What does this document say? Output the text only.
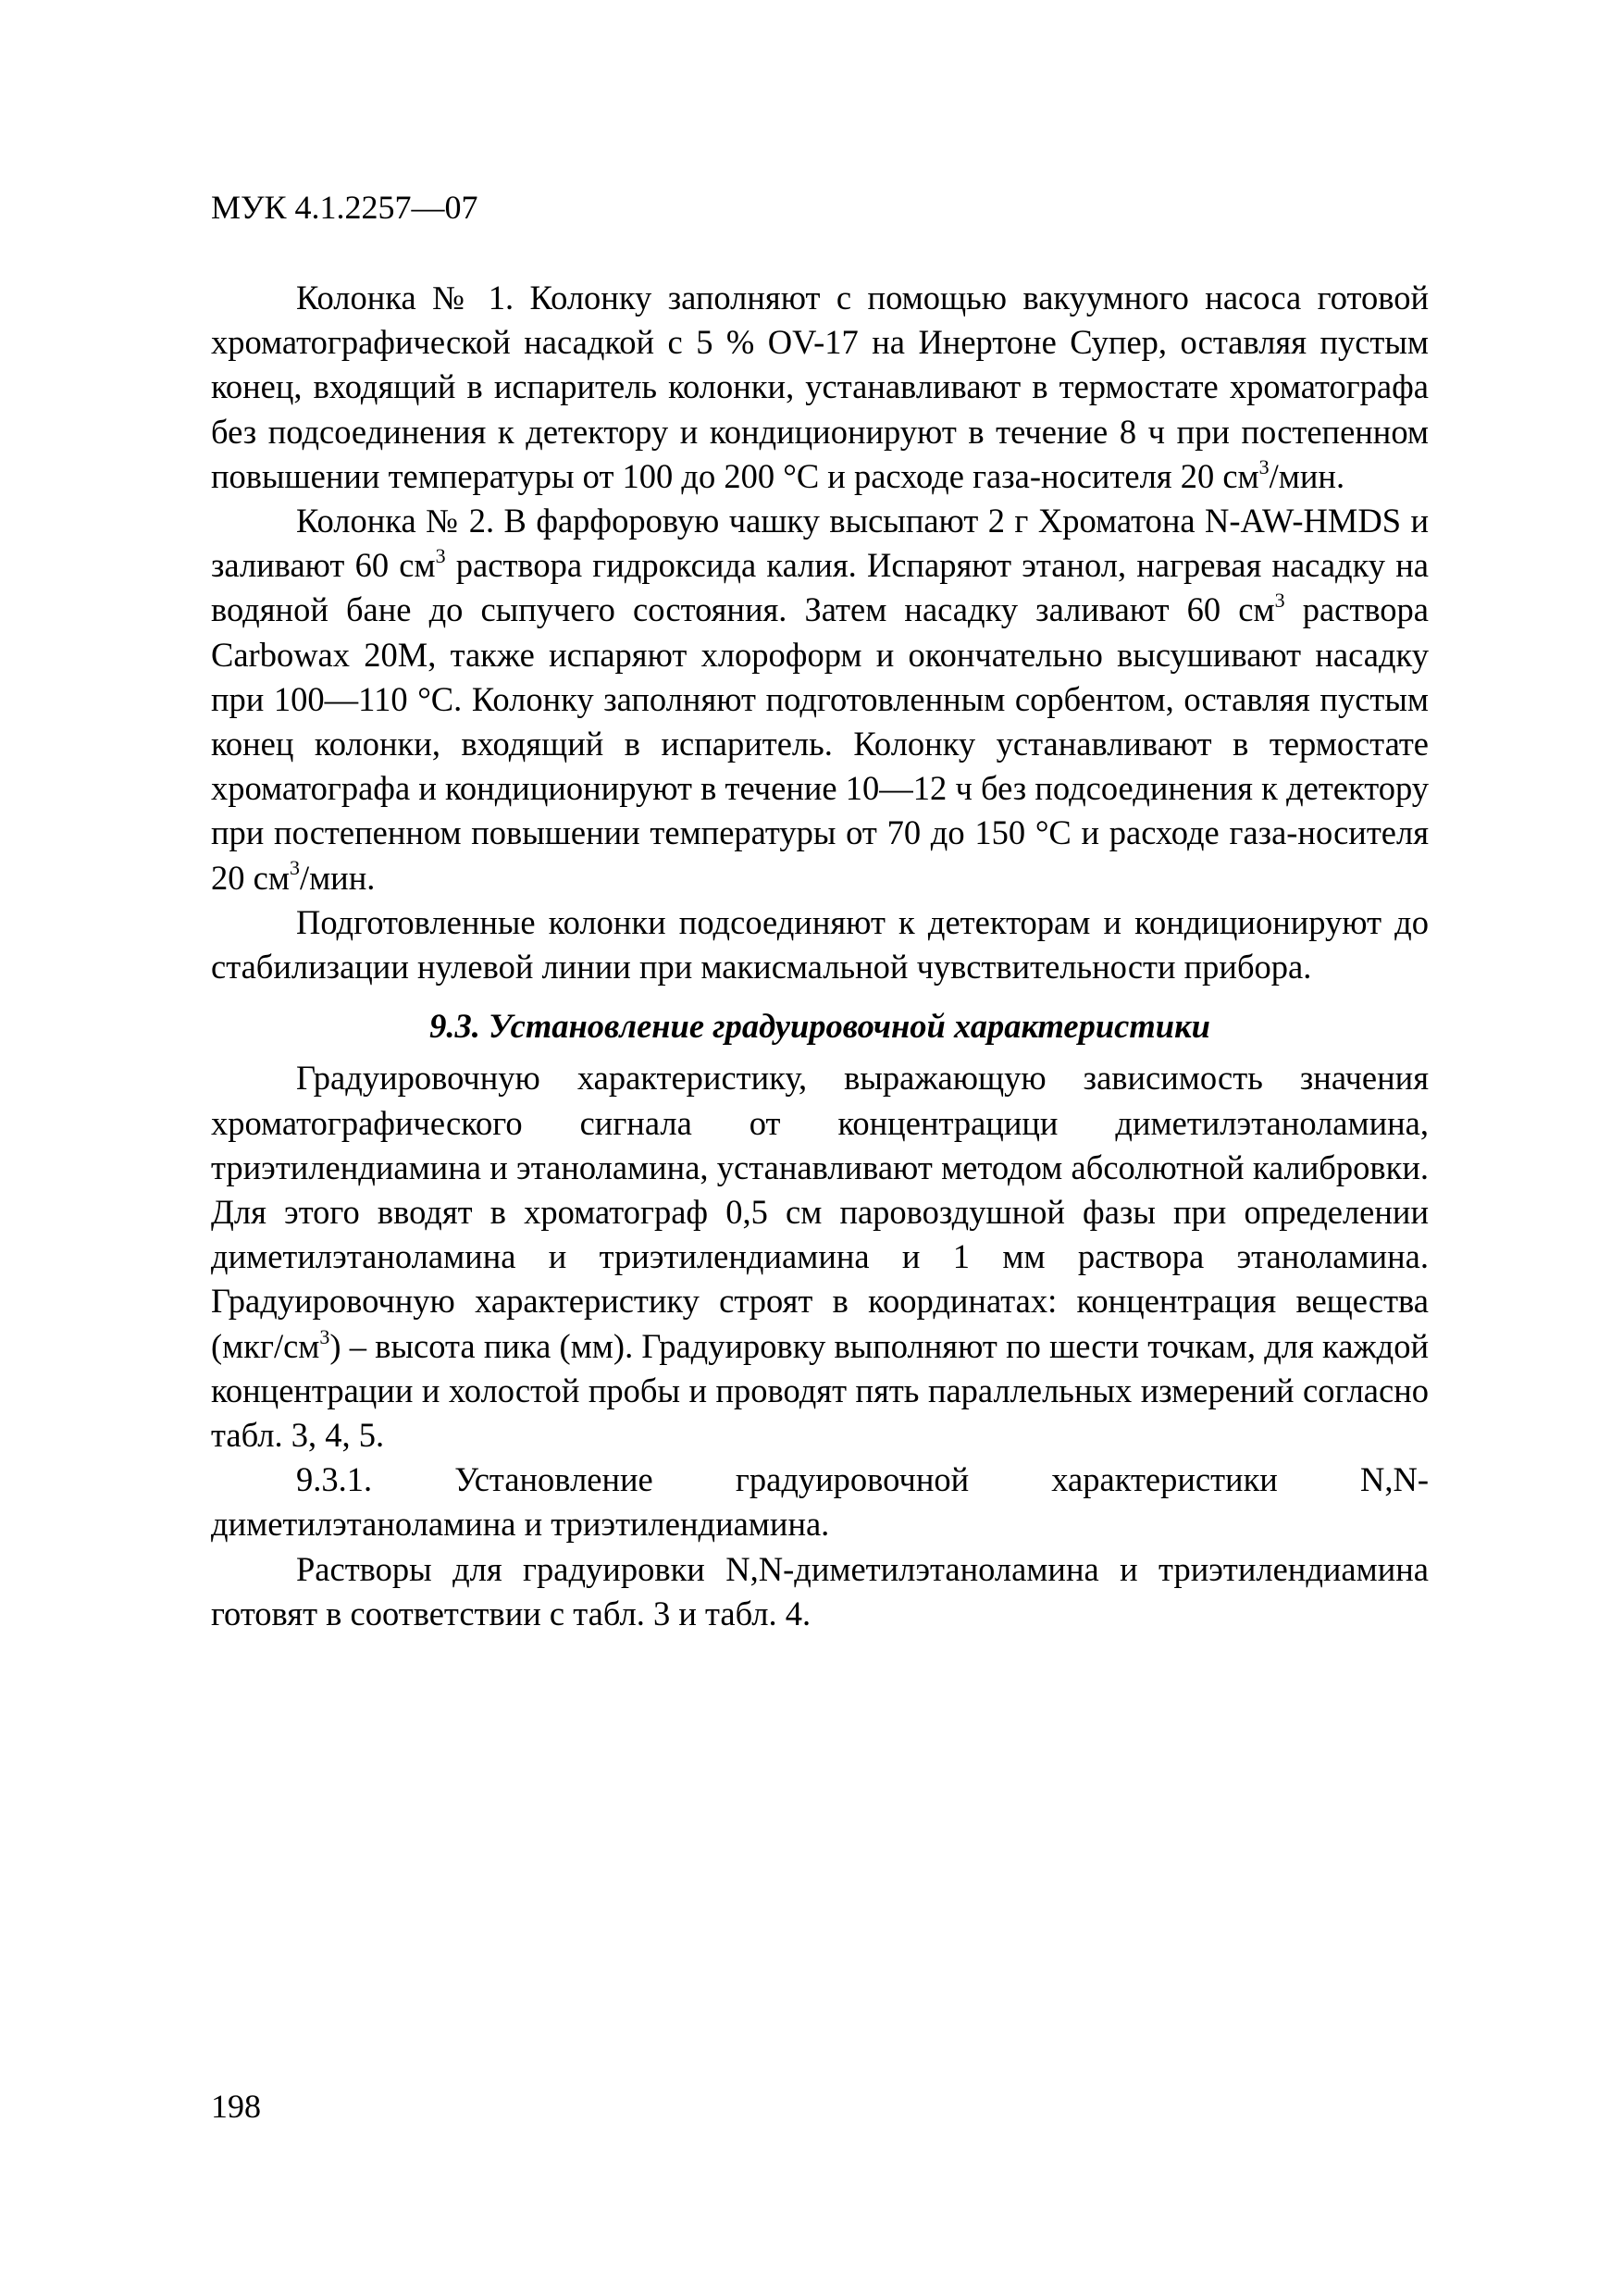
МУК 4.1.2257—07

Колонка № 1. Колонку заполняют с помощью вакуумного насоса готовой хроматографической насадкой с 5 % OV-17 на Инертоне Супер, оставляя пустым конец, входящий в испаритель колонки, устанавливают в термостате хроматографа без подсоединения к детектору и кондиционируют в течение 8 ч при постепенном повышении температуры от 100 до 200 °С и расходе газа-носителя 20 $см^3$/мин.

Колонка № 2. В фарфоровую чашку высыпают 2 г Хроматона N-AW-HMDS и заливают 60 $см^3$ раствора гидроксида калия. Испаряют этанол, нагревая насадку на водяной бане до сыпучего состояния. Затем насадку заливают 60 $см^3$ раствора Carbowax 20M, также испаряют хлороформ и окончательно высушивают насадку при 100—110 °С. Колонку заполняют подготовленным сорбентом, оставляя пустым конец колонки, входящий в испаритель. Колонку устанавливают в термостате хроматографа и кондиционируют в течение 10—12 ч без подсоединения к детектору при постепенном повышении температуры от 70 до 150 °С и расходе газа-носителя 20 $см^3$/мин.

Подготовленные колонки подсоединяют к детекторам и кондиционируют до стабилизации нулевой линии при макисмальной чувствительности прибора.

9.3. Установление градуировочной характеристики

Градуировочную характеристику, выражающую зависимость значения хроматографического сигнала от концентрацици диметилэтаноламина, триэтилендиамина и этаноламина, устанавливают методом абсолютной калибровки. Для этого вводят в хроматограф 0,5 см паровоздушной фазы при определении диметилэтаноламина и триэтилендиамина и 1 мм раствора этаноламина. Градуировочную характеристику строят в координатах: концентрация вещества $(мкг/см^3)$ – высота пика (мм). Градуировку выполняют по шести точкам, для каждой концентрации и холостой пробы и проводят пять параллельных измерений согласно табл. 3, 4, 5.

9.3.1. Установление градуировочной характеристики N,N-диметилэтаноламина и триэтилендиамина.

Растворы для градуировки N,N-диметилэтаноламина и триэтилендиамина готовят в соответствии с табл. 3 и табл. 4.

198
